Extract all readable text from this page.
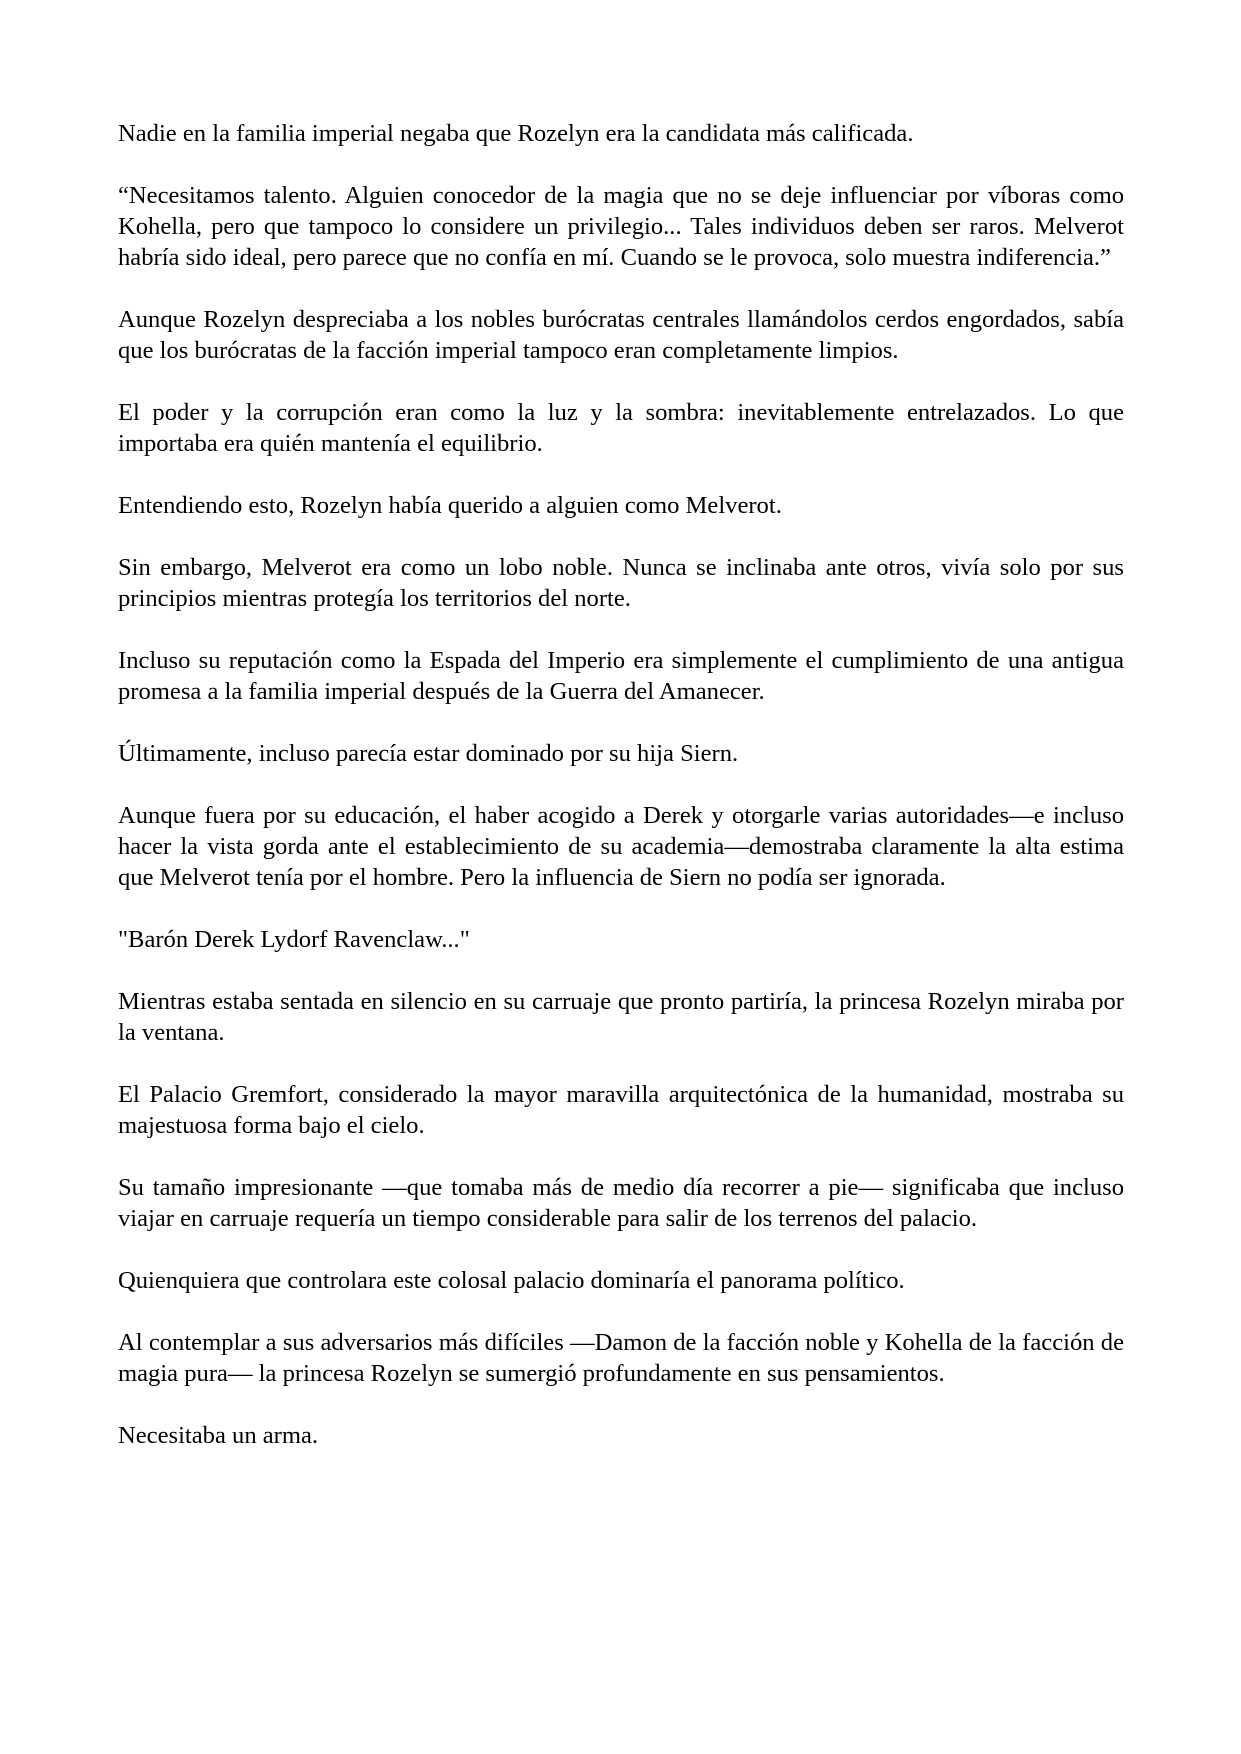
Nadie en la familia imperial negaba que Rozelyn era la candidata más calificada.

“Necesitamos talento. Alguien conocedor de la magia que no se deje influenciar por víboras como Kohella, pero que tampoco lo considere un privilegio... Tales individuos deben ser raros. Melverot habría sido ideal, pero parece que no confía en mí. Cuando se le provoca, solo muestra indiferencia.”

Aunque Rozelyn despreciaba a los nobles burócratas centrales llamándolos cerdos engordados, sabía que los burócratas de la facción imperial tampoco eran completamente limpios.

El poder y la corrupción eran como la luz y la sombra: inevitablemente entrelazados. Lo que importaba era quién mantenía el equilibrio.

Entendiendo esto, Rozelyn había querido a alguien como Melverot.

Sin embargo, Melverot era como un lobo noble. Nunca se inclinaba ante otros, vivía solo por sus principios mientras protegía los territorios del norte.

Incluso su reputación como la Espada del Imperio era simplemente el cumplimiento de una antigua promesa a la familia imperial después de la Guerra del Amanecer.

Últimamente, incluso parecía estar dominado por su hija Siern.

Aunque fuera por su educación, el haber acogido a Derek y otorgarle varias autoridades—e incluso hacer la vista gorda ante el establecimiento de su academia—demostraba claramente la alta estima que Melverot tenía por el hombre. Pero la influencia de Siern no podía ser ignorada.

"Barón Derek Lydorf Ravenclaw..."

Mientras estaba sentada en silencio en su carruaje que pronto partiría, la princesa Rozelyn miraba por la ventana.

El Palacio Gremfort, considerado la mayor maravilla arquitectónica de la humanidad, mostraba su majestuosa forma bajo el cielo.

Su tamaño impresionante —que tomaba más de medio día recorrer a pie— significaba que incluso viajar en carruaje requería un tiempo considerable para salir de los terrenos del palacio.

Quienquiera que controlara este colosal palacio dominaría el panorama político.

Al contemplar a sus adversarios más difíciles —Damon de la facción noble y Kohella de la facción de magia pura— la princesa Rozelyn se sumergió profundamente en sus pensamientos.

Necesitaba un arma.
